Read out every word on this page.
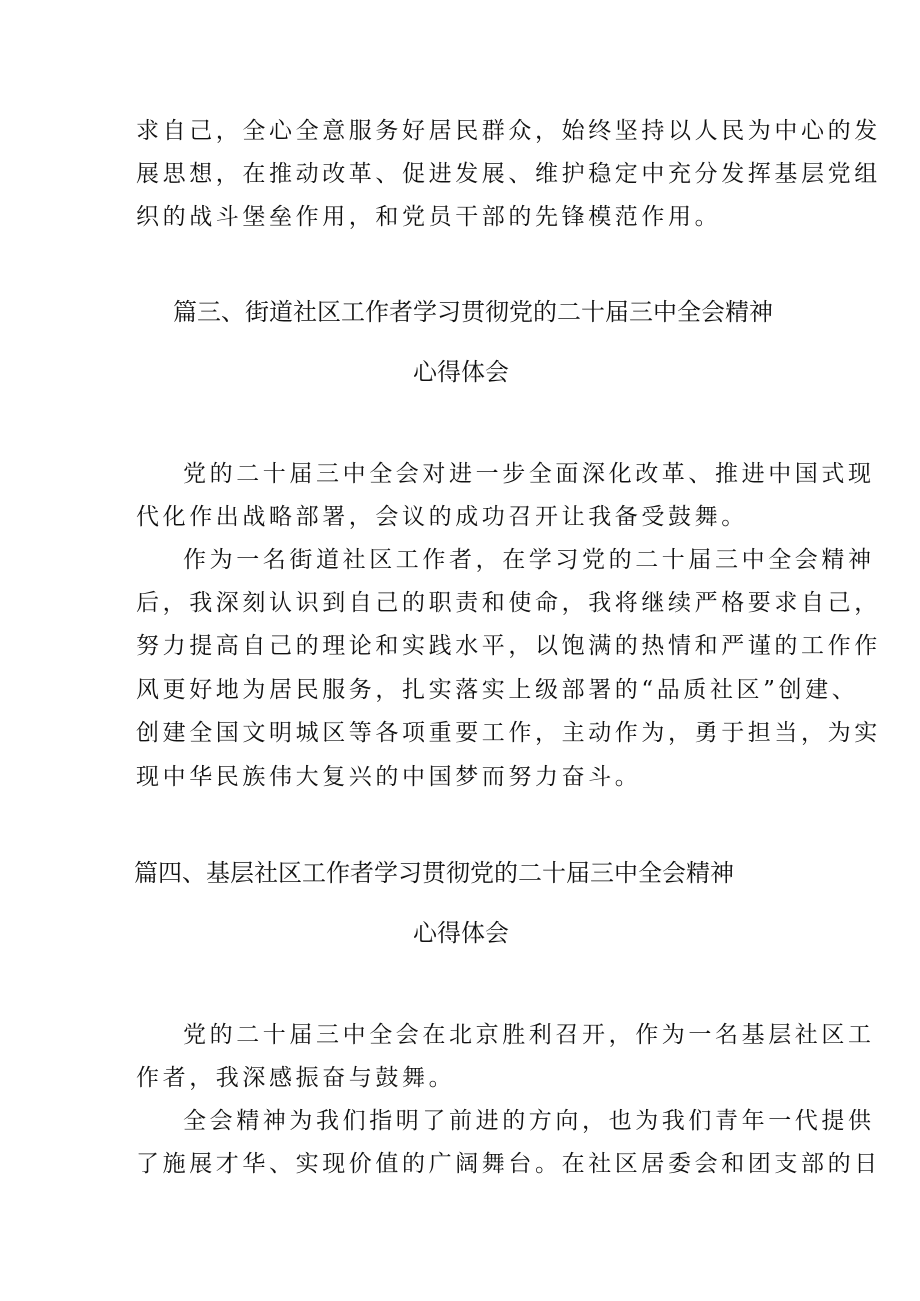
求自己，全心全意服务好居民群众，始终坚持以人民为中心的发
展思想，在推动改革、促进发展、维护稳定中充分发挥基层党组
织的战斗堡垒作用，和党员干部的先锋模范作用。
篇三、街道社区工作者学习贯彻党的二十届三中全会精神
心得体会
党的二十届三中全会对进一步全面深化改革、推进中国式现
代化作出战略部署，会议的成功召开让我备受鼓舞。
作为一名街道社区工作者，在学习党的二十届三中全会精神
后，我深刻认识到自己的职责和使命，我将继续严格要求自己，
努力提高自己的理论和实践水平，以饱满的热情和严谨的工作作
风更好地为居民服务，扎实落实上级部署的“品质社区”创建、
创建全国文明城区等各项重要工作，主动作为，勇于担当，为实
现中华民族伟大复兴的中国梦而努力奋斗。
篇四、基层社区工作者学习贯彻党的二十届三中全会精神
心得体会
党的二十届三中全会在北京胜利召开，作为一名基层社区工
作者，我深感振奋与鼓舞。
全会精神为我们指明了前进的方向，也为我们青年一代提供
了施展才华、实现价值的广阔舞台。在社区居委会和团支部的日
